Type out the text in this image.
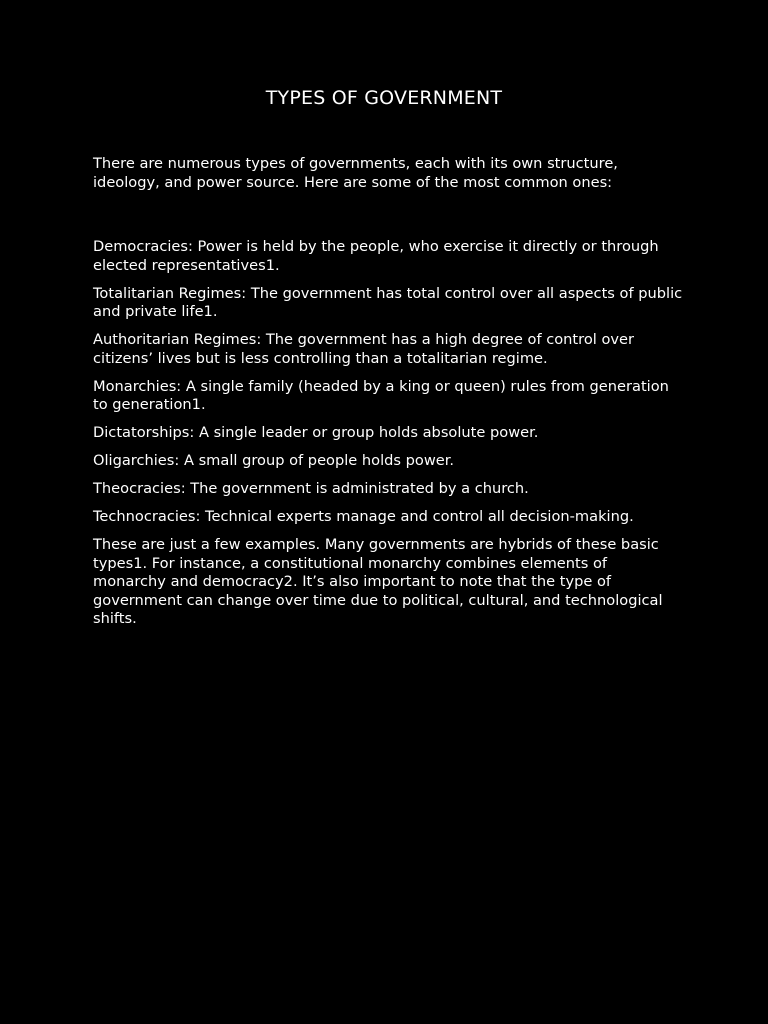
TYPES OF GOVERNMENT

There are numerous types of governments, each with its own structure, ideology, and power source. Here are some of the most common ones:

Democracies: Power is held by the people, who exercise it directly or through elected representatives1.

Totalitarian Regimes: The government has total control over all aspects of public and private life1.

Authoritarian Regimes: The government has a high degree of control over citizens’ lives but is less controlling than a totalitarian regime.

Monarchies: A single family (headed by a king or queen) rules from generation to generation1.

Dictatorships: A single leader or group holds absolute power.

Oligarchies: A small group of people holds power.

Theocracies: The government is administrated by a church.

Technocracies: Technical experts manage and control all decision-making.

These are just a few examples. Many governments are hybrids of these basic types1. For instance, a constitutional monarchy combines elements of monarchy and democracy2. It’s also important to note that the type of government can change over time due to political, cultural, and technological shifts.
